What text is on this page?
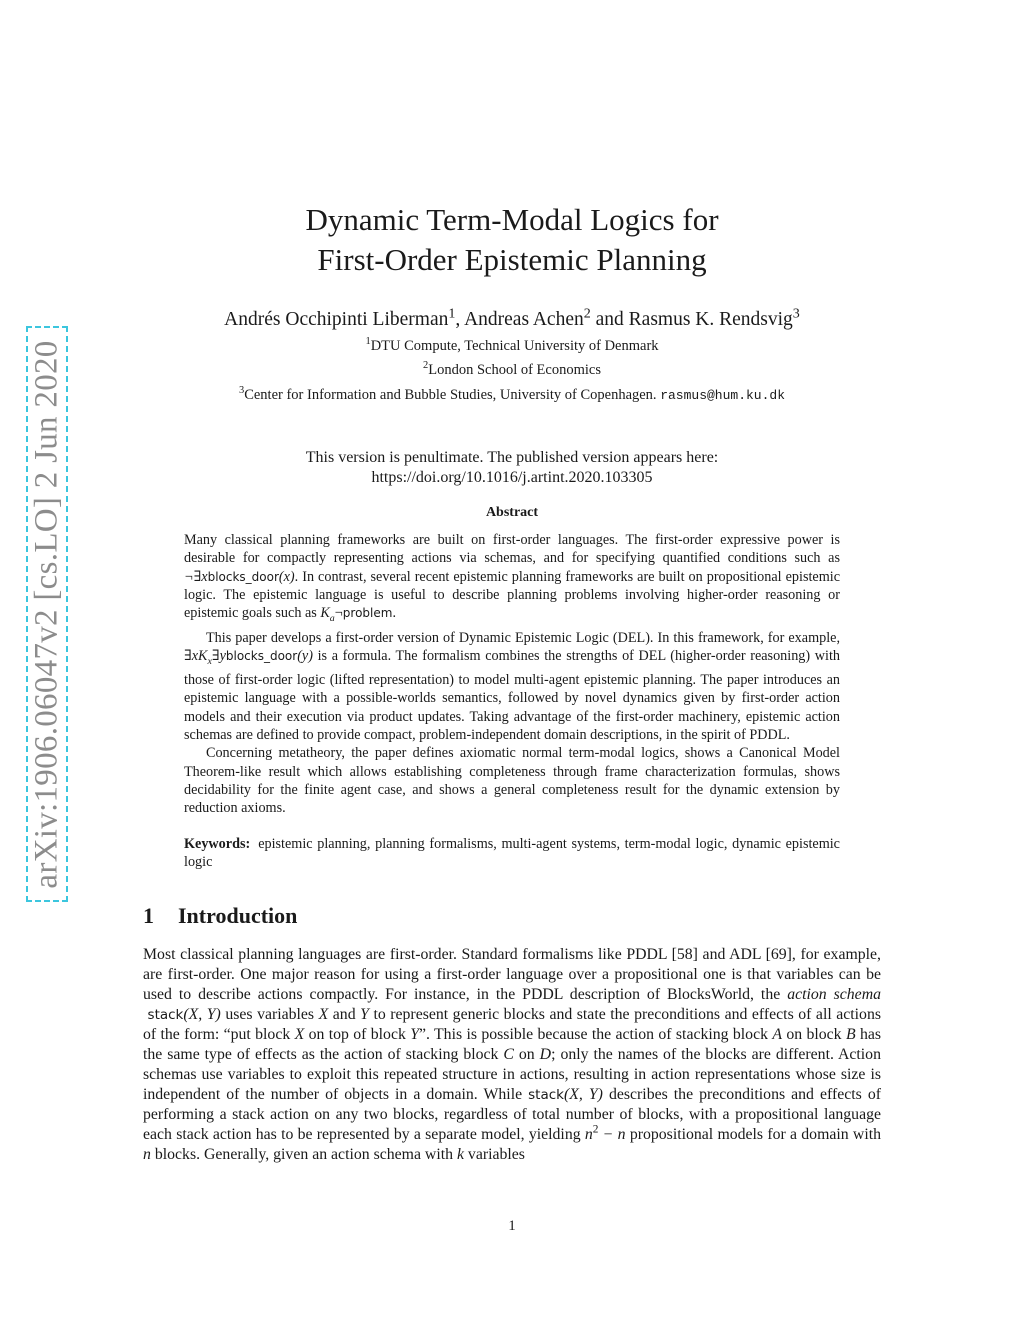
arXiv:1906.06047v2 [cs.LO] 2 Jun 2020
Dynamic Term-Modal Logics for
First-Order Epistemic Planning
Andrés Occhipinti Liberman$^1$, Andreas Achen$^2$ and Rasmus K. Rendsvig$^3$
$^1$DTU Compute, Technical University of Denmark
$^2$London School of Economics
$^3$Center for Information and Bubble Studies, University of Copenhagen. rasmus@hum.ku.dk
This version is penultimate. The published version appears here:
https://doi.org/10.1016/j.artint.2020.103305
Abstract

Many classical planning frameworks are built on first-order languages. The first-order expressive power is desirable for compactly representing actions via schemas, and for specifying quantified conditions such as ¬∃xblocks_door(x). In contrast, several recent epistemic planning frameworks are built on propositional epistemic logic. The epistemic language is useful to describe planning problems involving higher-order reasoning or epistemic goals such as $K_a\neg problem$.

This paper develops a first-order version of Dynamic Epistemic Logic (DEL). In this framework, for example, $\exists xK_x\exists yblocks\_door(y)$ is a formula. The formalism combines the strengths of DEL (higher-order reasoning) with those of first-order logic (lifted representation) to model multi-agent epistemic planning. The paper introduces an epistemic language with a possible-worlds semantics, followed by novel dynamics given by first-order action models and their execution via product updates. Taking advantage of the first-order machinery, epistemic action schemas are defined to provide compact, problem-independent domain descriptions, in the spirit of PDDL.

Concerning metatheory, the paper defines axiomatic normal term-modal logics, shows a Canonical Model Theorem-like result which allows establishing completeness through frame characterization formulas, shows decidability for the finite agent case, and shows a general completeness result for the dynamic extension by reduction axioms.

Keywords: epistemic planning, planning formalisms, multi-agent systems, term-modal logic, dynamic epistemic logic
1 Introduction

Most classical planning languages are first-order. Standard formalisms like PDDL [58] and ADL [69], for example, are first-order. One major reason for using a first-order language over a propositional one is that variables can be used to describe actions compactly. For instance, in the PDDL description of BlocksWorld, the action schema stack(X, Y) uses variables X and Y to represent generic blocks and state the preconditions and effects of all actions of the form: “put block X on top of block Y”. This is possible because the action of stacking block A on block B has the same type of effects as the action of stacking block C on D; only the names of the blocks are different. Action schemas use variables to exploit this repeated structure in actions, resulting in action representations whose size is independent of the number of objects in a domain. While stack(X, Y) describes the preconditions and effects of performing a stack action on any two blocks, regardless of total number of blocks, with a propositional language each stack action has to be represented by a separate model, yielding $n^2 - n$ propositional models for a domain with n blocks. Generally, given an action schema with k variables

1
